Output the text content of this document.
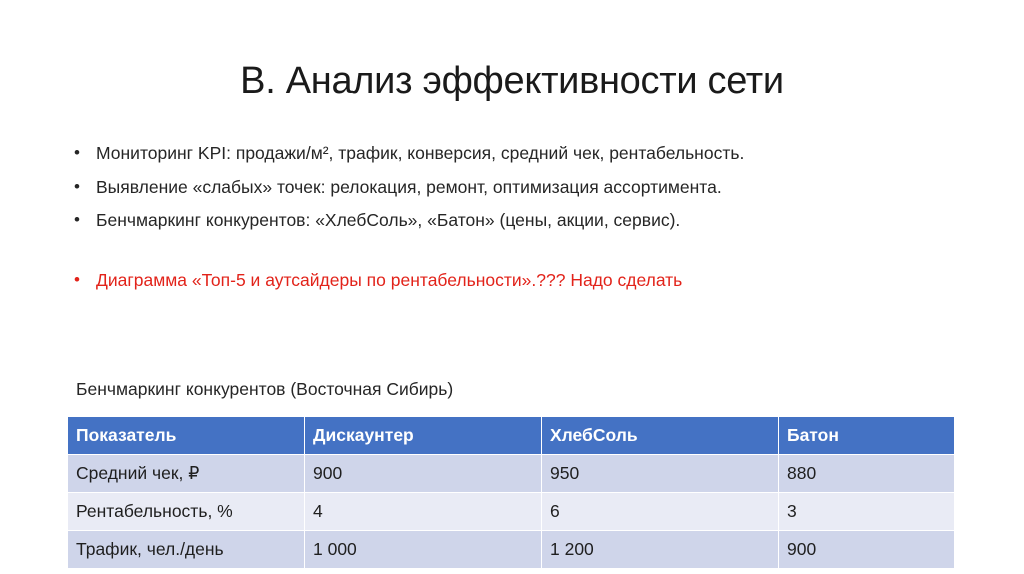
В. Анализ эффективности сети
• Мониторинг KPI: продажи/м², трафик, конверсия, средний чек, рентабельность.
• Выявление «слабых» точек: релокация, ремонт, оптимизация ассортимента.
• Бенчмаркинг конкурентов: «ХлебСоль», «Батон» (цены, акции, сервис).
• Диаграмма «Топ-5 и аутсайдеры по рентабельности».??? Надо сделать

Бенчмаркинг конкурентов (Восточная Сибирь)

Показатель	Дискаунтер	ХлебСоль	Батон
Средний чек, ₽	900	950	880
Рентабельность, %	4	6	3
Трафик, чел./день	1 000	1 200	900
